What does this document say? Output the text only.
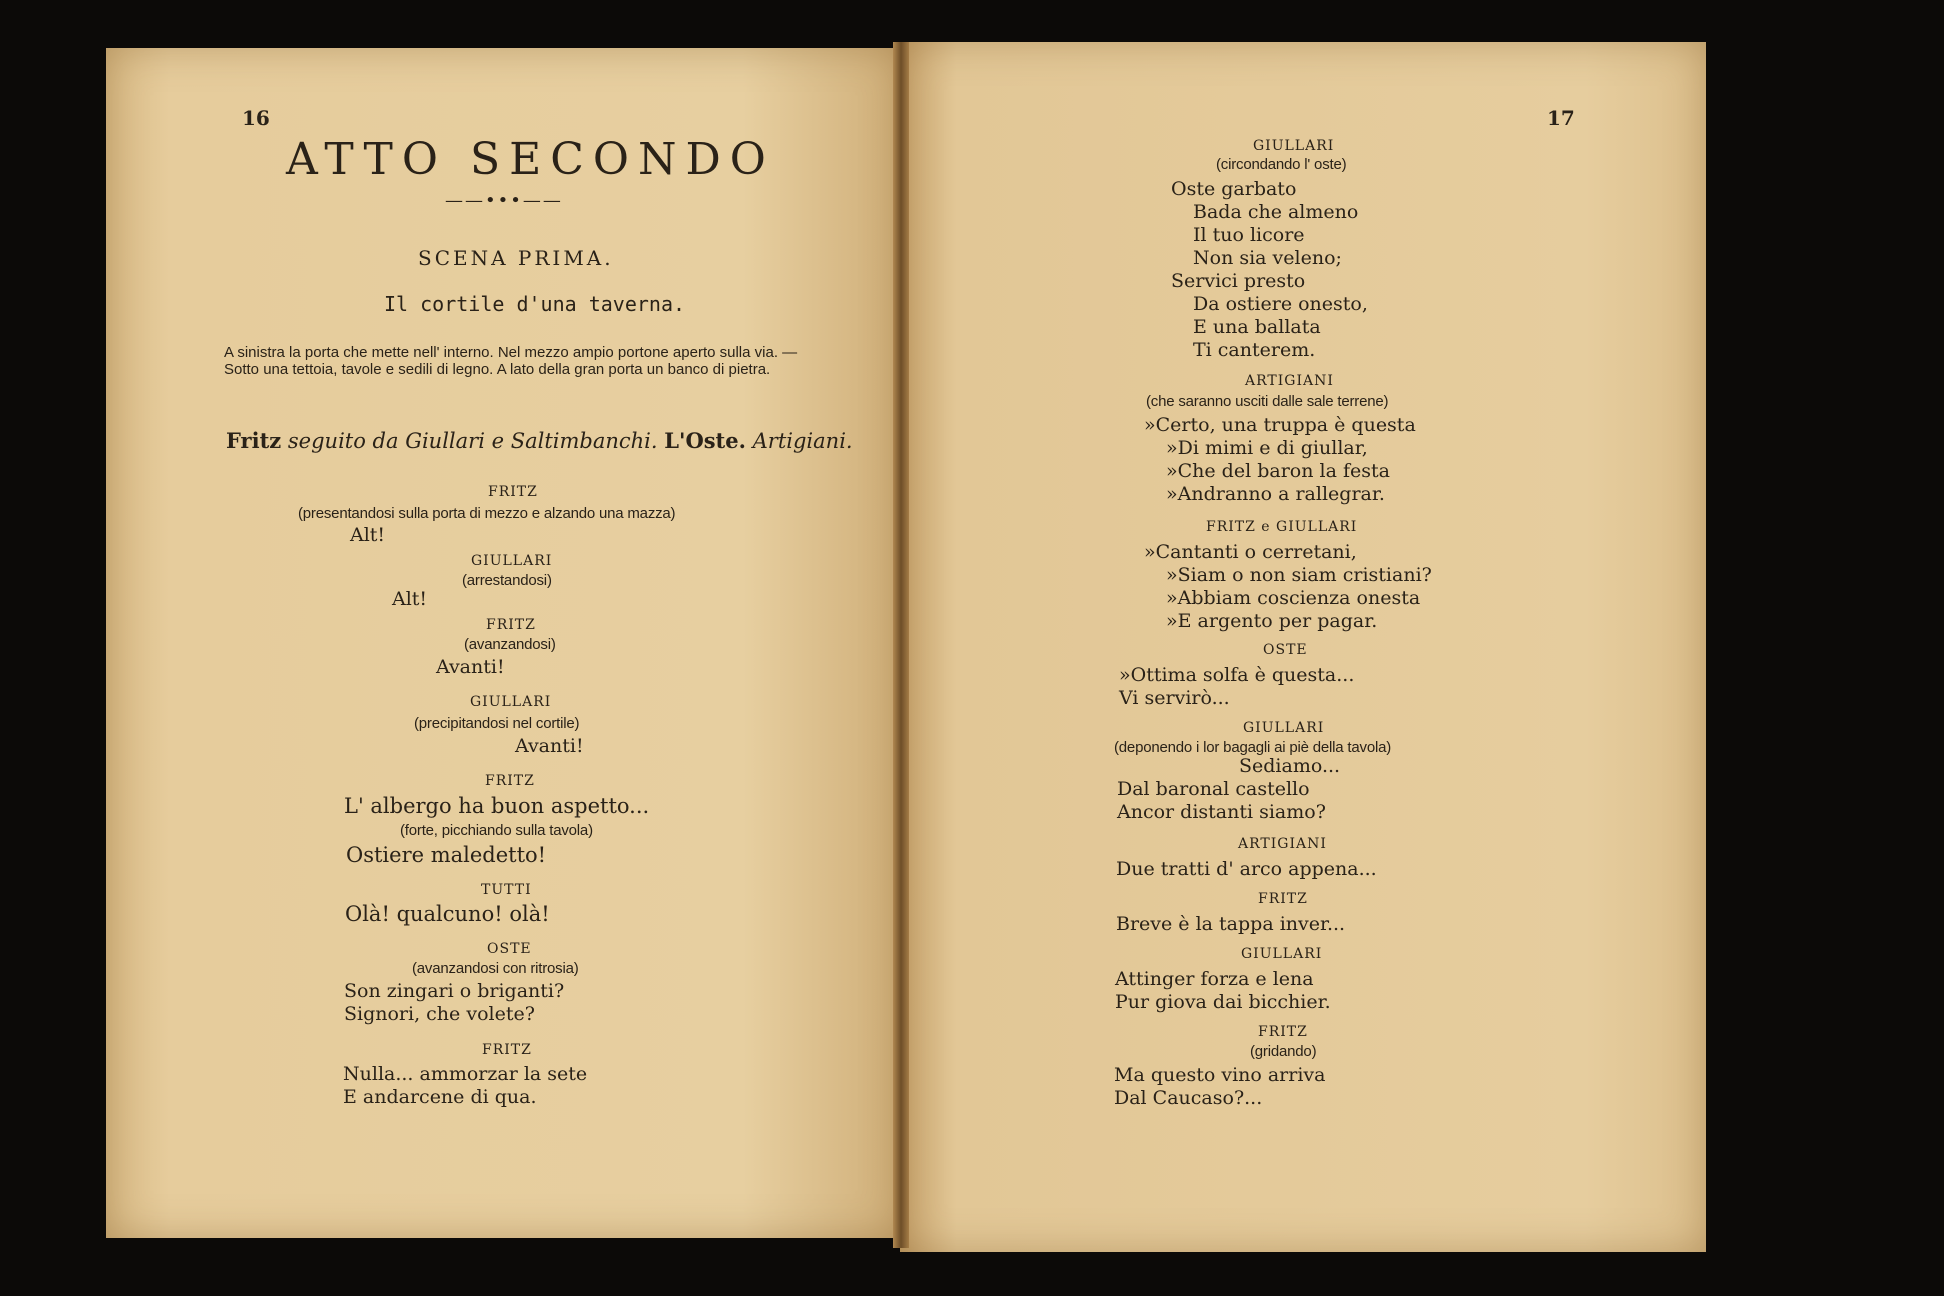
16
ATTO SECONDO
——•••——
SCENA PRIMA.
Il cortile d'una taverna.
A sinistra la porta che mette nell' interno. Nel mezzo ampio portone aperto sulla via. — Sotto una tettoia, tavole e sedili di legno. A lato della gran porta un banco di pietra.
Fritz seguito da Giullari e Saltimbanchi. L'Oste. Artigiani.
FRITZ
(presentandosi sulla porta di mezzo e alzando una mazza)
Alt!
GIULLARI
(arrestandosi)
Alt!
FRITZ
(avanzandosi)
Avanti!
GIULLARI
(precipitandosi nel cortile)
Avanti!
FRITZ
L' albergo ha buon aspetto...
(forte, picchiando sulla tavola)
Ostiere maledetto!
TUTTI
Olà! qualcuno! olà!
OSTE
(avanzandosi con ritrosia)
Son zingari o briganti?
Signori, che volete?
FRITZ
Nulla... ammorzar la sete
E andarcene di qua.
17
GIULLARI
(circondando l' oste)
Oste garbato
Bada che almeno
Il tuo licore
Non sia veleno;
Servici presto
Da ostiere onesto,
E una ballata
Ti canterem.
ARTIGIANI
(che saranno usciti dalle sale terrene)
»Certo, una truppa è questa
»Di mimi e di giullar,
»Che del baron la festa
»Andranno a rallegrar.
FRITZ e GIULLARI
»Cantanti o cerretani,
»Siam o non siam cristiani?
»Abbiam coscienza onesta
»E argento per pagar.
OSTE
»Ottima solfa è questa...
Vi servirò...
GIULLARI
(deponendo i lor bagagli ai piè della tavola)
Sediamo...
Dal baronal castello
Ancor distanti siamo?
ARTIGIANI
Due tratti d' arco appena...
FRITZ
Breve è la tappa inver...
GIULLARI
Attinger forza e lena
Pur giova dai bicchier.
FRITZ
(gridando)
Ma questo vino arriva
Dal Caucaso?...
